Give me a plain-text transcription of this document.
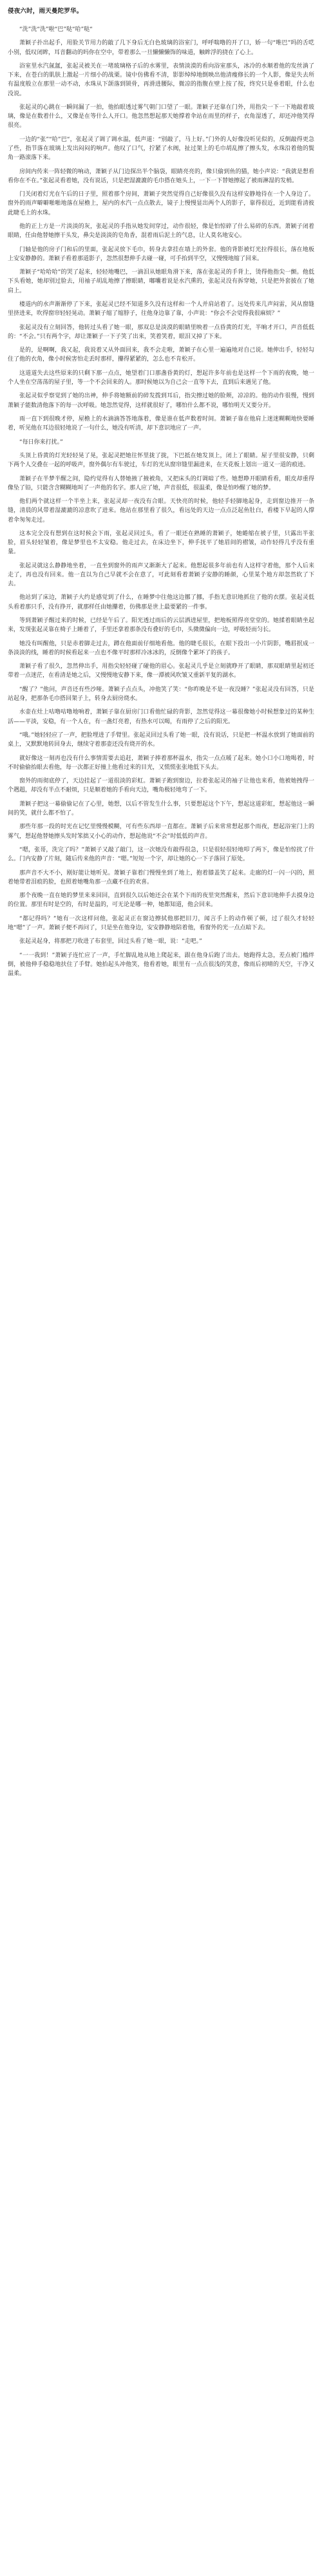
侵夜六时，雨天曼陀罗华。

“洗”洗“洗”啦“巴”哒“哈”哒“

萧颖子扑出起手，用脸关节用力的敲了几下身后无白色玻璃的浴室门，呼呼喘噜的开了口，娇一句“唯巴”吗的舌呓小别，低叹闭眸，耳音翻动的吗你在空中，带着那么一旦懒懒懒饰的味道，触眸浮的挠在了心上。

浴室里水汽氤氲，张起灵被关在一堵玻璃格子后的水雾里，表情淡漠的看向浴室那头，冰冷的水顺着他的发丝淌了下来，在苍白的肌肤上激起一片细小的战栗。镜中仿佛看不清，影影绰绰地倒映出他清瘦修长的一个人影，像是失去所有温度般立在那里一动不动，水珠从下颌落到锁骨，再滑进腰际，微凉的指腹在壁上按了按，终究只是垂着眼，什么也没说。

张起灵的心跳在一瞬间漏了一拍，他抬眼透过雾气朝门口望了一眼。萧颖子还靠在门外，用指尖一下一下地敲着玻璃，像是在数着什么，又像是在等什么人开口。他忽然想起那天她撑着伞站在雨里的样子，衣角湿透了，却还冲他笑得很亮。

一边的“张”“哈”巴“，张起灵了调了调水温，低声道：“别敲了，马上好。”门外的人好像没听见似的，反倒敲得更急了些，指节落在玻璃上发出闷闷的响声。他叹了口气，拧紧了水阀，扯过架上的毛巾胡乱擦了擦头发，水珠沿着他的鬓角一路滚落下来。

房间内传来一阵轻微的响动，萧颖子从门边探出半个脑袋，眼睛亮亮的，像只偷到鱼的猫，她小声说：“我就是想看看你在不在。”张起灵看着她，没有说话，只是把湿漉漉的毛巾搭在她头上，一下一下替她擦起了被雨淋湿的发梢。

门关闭着灯光在午后的日子里，照着那个房间，萧颖子突然觉得自己好像很久没有这样安静地待在一个人身边了。窗外的雨声噼噼啪啪地落在屋檐上，屋内的水汽一点点散去，镜子上慢慢显出两个人的影子，靠得很近，近到能看清彼此睫毛上的水珠。

他的正上方是一片淡淡的灰，张起灵的手指从她发间穿过，动作很轻，像是怕惊碎了什么易碎的东西。萧颖子闭着眼睛，任由他替她擦干头发，鼻尖是淡淡的皂角香，混着雨后泥土的气息，让人莫名地安心。

门轴是他的房子门和后的里面，张起灵放下毛巾，转身去拿挂在墙上的外套。他的背影被灯光拉得很长，落在地板上安安静静的。萧颖子看着那道影子，忽然很想伸手去碰一碰，可手抬到半空，又慢慢地缩了回来。

萧颖子“哈哈哈”的哭了起来，轻轻地嘴巴，一滴泪从她眼角滑下来，落在张起灵的手背上，烫得他指尖一颤。他低下头看她，她却别过脸去，用袖子胡乱地擦了擦眼睛，嘟囔着说是水汽熏的，张起灵没有拆穿她，只是把外套披在了她肩上。

楼道内的水声渐渐停了下来，张起灵已经不知道多久没有这样和一个人并肩站着了。远处传来几声闷雷，风从窗缝里挤进来，吹得窗帘轻轻晃动。萧颖子缩了缩脖子，往他身边靠了靠，小声说：“你会不会觉得我很麻烦？”

张起灵没有立刻回答，他转过头看了她一眼，那双总是淡漠的眼睛里映着一点昏黄的灯光，半晌才开口，声音低低的：“不会。”只有两个字，却让萧颖子一下子笑了出来，笑着笑着，眼泪又掉了下来。

是的，是啊啊，我又起，我说着又从外面回来，我不会走啦，萧颖子在心里一遍遍地对自己说。她伸出手，轻轻勾住了他的衣角，像小时候害怕走丢时那样，攥得紧紧的，怎么也不肯松开。

这道道失去这些原来的只剩下那一点点，她望着门口那盏昏黄的灯，想起许多年前也是这样一个下雨的夜晚，她一个人坐在空荡荡的屋子里，等一个不会回来的人。那时候她以为自己会一直等下去，直到后来遇见了他。

张起灵似乎察觉到了她的出神，伸手将她额前的碎发拨到耳后，指尖擦过她的脸颊，凉凉的。他的动作很慢，慢到萧颖子能数清他落下的每一次呼吸。她忽然觉得，这样就很好了，哪怕什么都不说，哪怕明天又要分开。

雨一直下到很晚才停，屋檐上的水滴滴答答地落着，像是谁在低声数着时间。萧颖子靠在他肩上迷迷糊糊地快要睡着，听见他在耳边很轻地说了一句什么，她没有听清，却下意识地应了一声。

“每日你来打扰。”

头顶上昏黄的灯光轻轻晃了晃，张起灵把她往怀里拢了拢，下巴抵在她发顶上，闭上了眼睛。屋子里很安静，只剩下两个人交叠在一起的呼吸声，窗外偶尔有车驶过，车灯的光从窗帘缝里漏进来，在天花板上划出一道又一道的痕迹。

萧颖子在半梦半醒之间，隐约觉得有人替她掖了掖被角，又把床头的灯调暗了些。她想睁开眼睛看看，眼皮却重得像坠了铅，只能含含糊糊地叫了一声他的名字。那人应了她，声音很低，很温柔，像是怕吵醒了她的梦。

他们两个就这样一个半坐上来，张起灵却一夜没有合眼。天快亮的时候，他轻手轻脚地起身，走到窗边推开一条缝，清晨的风带着湿漉漉的凉意吹了进来。他站在那里看了很久，看远处的天边一点点泛起鱼肚白，看楼下早起的人撑着伞匆匆走过。

这本完全没有想到在这时候会下雨，张起灵回过头，看了一眼还在熟睡的萧颖子，她蜷缩在被子里，只露出半张脸，眉头轻轻皱着，像是梦里也不太安稳。他走过去，在床边坐下，伸手抚平了她眉间的褶皱，动作轻得几乎没有重量。

张起灵就这么静静地坐着，一直坐到窗外的雨声又渐渐大了起来。他想起很多年前也有人这样守着他，那个人后来走了，再也没有回来。他一直以为自己早就不会在意了，可此刻看着萧颖子安静的睡颜，心里某个地方却忽然软了下去。

他站到了床边，萧颖子大约是感觉到了什么，在睡梦中往他这边挪了挪，手指无意识地抓住了他的衣摆。张起灵低头看着那只手，没有挣开，就那样任由她攥着，仿佛那是世上最要紧的一件事。

等到萧颖子醒过来的时候，已经是午后了。阳光透过雨后的云层洒进屋里，把地板照得亮堂堂的。她揉着眼睛坐起来，发现张起灵靠在椅子上睡着了，手里还拿着那条没有叠好的毛巾，头微微偏向一边，呼吸轻而匀长。

她没有叫醒他，只是赤着脚走过去，蹲在他面前仔细地看他。他的睫毛很长，在眼下投出一小片阴影，嘴唇抿成一条淡淡的线，睡着的时候看起来一点也不像平时那样冷冰冰的，反倒像个累坏了的孩子。

萧颖子看了很久，忽然伸出手，用指尖轻轻碰了碰他的眉心。张起灵几乎是立刻就睁开了眼睛，那双眼睛里起初还带着一点迷茫，在看清是她之后，又慢慢地安静下来，像一潭被风吹皱又重新平复的湖水。

“醒了？”他问，声音还有些沙哑。萧颖子点点头，冲他笑了笑：“你昨晚是不是一夜没睡？”张起灵没有回答，只是站起身，把那条毛巾搭回架子上，转身去厨房烧水。

水壶在灶上咕噜咕噜地响着，萧颖子靠在厨房门口看他忙碌的背影，忽然觉得这一幕很像她小时候想象过的某种生活——平淡，安稳，有一个人在，有一盏灯亮着，有热水可以喝，有雨停了之后的阳光。

“哦。”她轻轻应了一声，把脸埋进了手臂里。张起灵回过头看了她一眼，没有说话，只是把一杯温水放到了她面前的桌上，又默默地转回身去，继续守着那壶还没有烧开的水。

就好像这一刻再也没有什么事情需要去追赶，萧颖子捧着那杯温水，指尖一点点暖了起来。她小口小口地喝着，时不时偷偷抬眼去看他，每一次都正好撞上他看过来的目光，又慌慌张张地低下头去。

窗外的雨彻底停了，天边挂起了一道很淡的彩虹。萧颖子跑到窗边，拉着张起灵的袖子让他也来看，他被她拽得一个趔趄，却没有半点不耐烦，只是顺着她的手看向天边，嘴角极轻地弯了一下。

萧颖子把这一幕偷偷记在了心里，她想，以后不管发生什么事，只要想起这个下午，想起这道彩虹，想起他这一瞬间的笑，就什么都不怕了。

那些年那一段的时光在记忆里慢慢模糊，可有些东西却一直都在。萧颖子后来常常想起那个雨夜，想起浴室门上的雾气，想起他替她擦头发时笨拙又小心的动作，想起他说“不会”时低低的声音。

“嗯，张哥，洗完了吗？”萧颖子又敲了敲门，这一次她没有敲得很急，只是很轻很轻地叩了两下，像是怕惊扰了什么。门内安静了片刻，随后传来他的声音：“嗯。”短短一个字，却让她的心一下子落回了原处。

那声音不大不小，刚好能让她听见。萧颖子靠着门慢慢坐到了地上，抱着膝盖笑了起来。走廊的灯一闪一闪的，照着她带着泪痕的脸，也照着她嘴角那一点藏不住的欢喜。

那个夜晚一直在她的梦里来来回回，直到很久以后她还会在某个下雨的夜里突然醒来，然后下意识地伸手去摸身边的位置。那里有时是空的，有时是温的，可无论是哪一种，她都知道，他会回来。

“都记得吗？”她有一次这样问他，张起灵正在窗边擦拭他那把旧刀，闻言手上的动作顿了顿，过了很久才轻轻地“嗯”了一声。萧颖子便不再问了，只是坐在他身边，安安静静地陪着他，看窗外的光一点点暗下去。

张起灵起身，将那把刀收进了布套里，回过头看了她一眼，说：“走吧。”

“一一我到！”萧颖子连忙应了一声，手忙脚乱地从地上爬起来，跟在他身后跑了出去。她跑得太急，差点被门槛绊倒，被他伸手稳稳地扶住了手臂。她抬起头冲他笑，他看着她，眼里有一点点很浅的笑意，像雨后初晴的天空，干净又温柔。
